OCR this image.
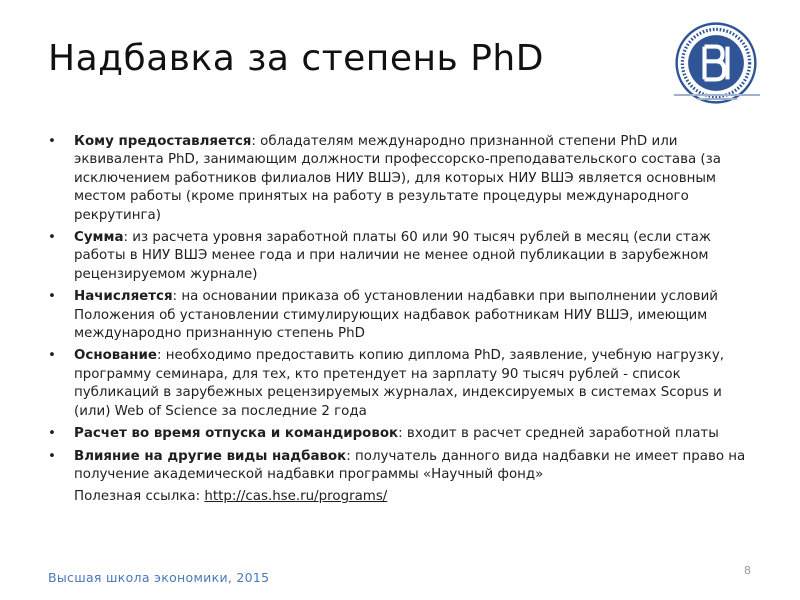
Надбавка за степень PhD
• Кому предоставляется: обладателям международно признанной степени PhD или эквивалента PhD, занимающим должности профессорско-преподавательского состава (за исключением работников филиалов НИУ ВШЭ), для которых НИУ ВШЭ является основным местом работы (кроме принятых на работу в результате процедуры международного рекрутинга)
• Сумма: из расчета уровня заработной платы 60 или 90 тысяч рублей в месяц (если стаж работы в НИУ ВШЭ менее года и при наличии не менее одной публикации в зарубежном рецензируемом журнале)
• Начисляется: на основании приказа об установлении надбавки при выполнении условий Положения об установлении стимулирующих надбавок работникам НИУ ВШЭ, имеющим международно признанную степень PhD
• Основание: необходимо предоставить копию диплома PhD, заявление, учебную нагрузку, программу семинара, для тех, кто претендует на зарплату 90 тысяч рублей - список публикаций в зарубежных рецензируемых журналах, индексируемых в системах Scopus и (или) Web of Science за последние 2 года
• Расчет во время отпуска и командировок: входит в расчет средней заработной платы
• Влияние на другие виды надбавок: получатель данного вида надбавки не имеет право на получение академической надбавки программы «Научный фонд»
Полезная ссылка: http://cas.hse.ru/programs/
Высшая школа экономики, 2015	8
